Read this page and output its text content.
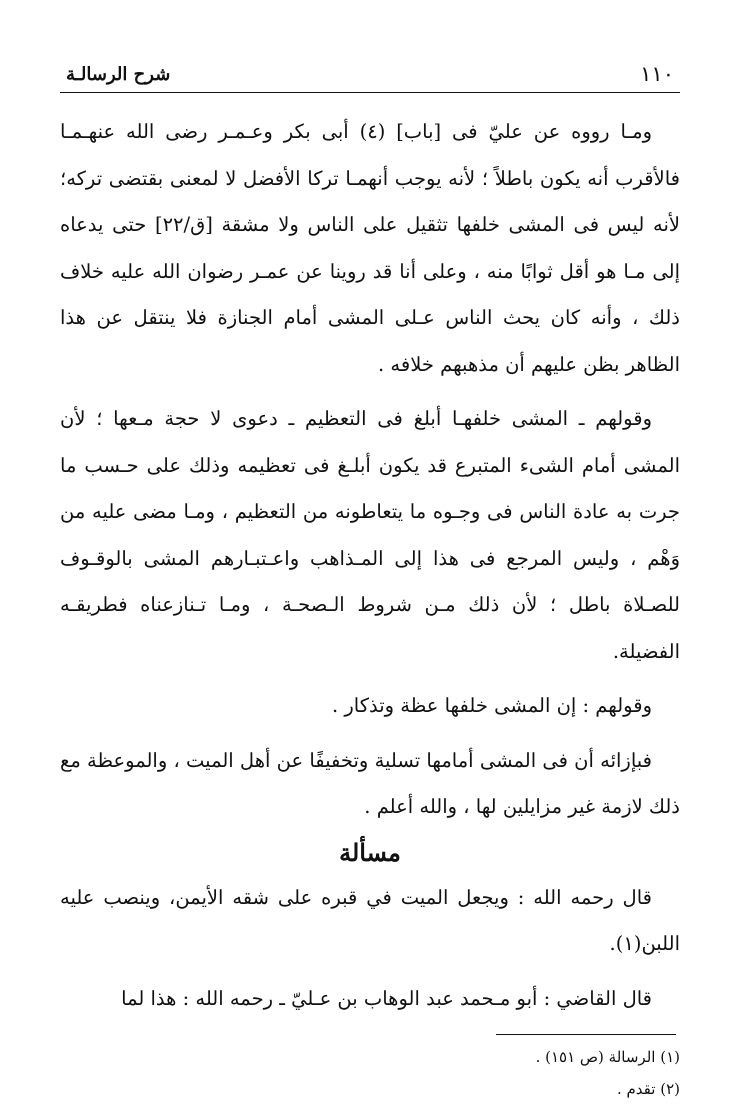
١١٠
شرح الرسالـة

ومـا رووه عن عليّ فى [باب] (٤) أبى بكر وعـمـر رضى الله عنهـمـا فالأقرب أنه يكون باطلاً ؛ لأنه يوجب أنهمـا تركا الأفضل لا لمعنى بقتضى تركه؛ لأنه ليس فى المشى خلفها تثقيل على الناس ولا مشقة [ق/٢٢] حتى يدعاه إلى مـا هو أقل ثوابًا منه ، وعلى أنا قد روينا عن عمـر رضوان الله عليه خلاف ذلك ، وأنه كان يحث الناس عـلى المشى أمام الجنازة فلا ينتقل عن هذا الظاهر بظن عليهم أن مذهبهم خلافه .

وقولهم ـ المشى خلفهـا أبلغ فى التعظيم ـ دعوى لا حجة مـعها ؛ لأن المشى أمام الشىء المتبرع قد يكون أبلـغ فى تعظيمه وذلك على حـسب ما جرت به عادة الناس فى وجـوه ما يتعاطونه من التعظيم ، ومـا مضى عليه من وَهْم ، وليس المرجع فى هذا إلى المـذاهب واعـتبـارهم المشى بالوقـوف للصـلاة باطل ؛ لأن ذلك مـن شروط الـصحـة ، ومـا تـنازعناه فطريقـه الفضيلة.

وقولهم : إن المشى خلفها عظة وتذكار .

فبإزائه أن فى المشى أمامها تسلية وتخفيفًا عن أهل الميت ، والموعظة مع ذلك لازمة غير مزايلين لها ، والله أعلم .

مسألة

قال رحمه الله : ويجعل الميت في قبره على شقه الأيمن، وينصب عليه اللبن(١).

قال القاضي : أبو مـحمد عبد الوهاب بن عـليّ ـ رحمه الله : هذا لما

(١) الرسالة (ص ١٥١) .

(٢) تقدم .
